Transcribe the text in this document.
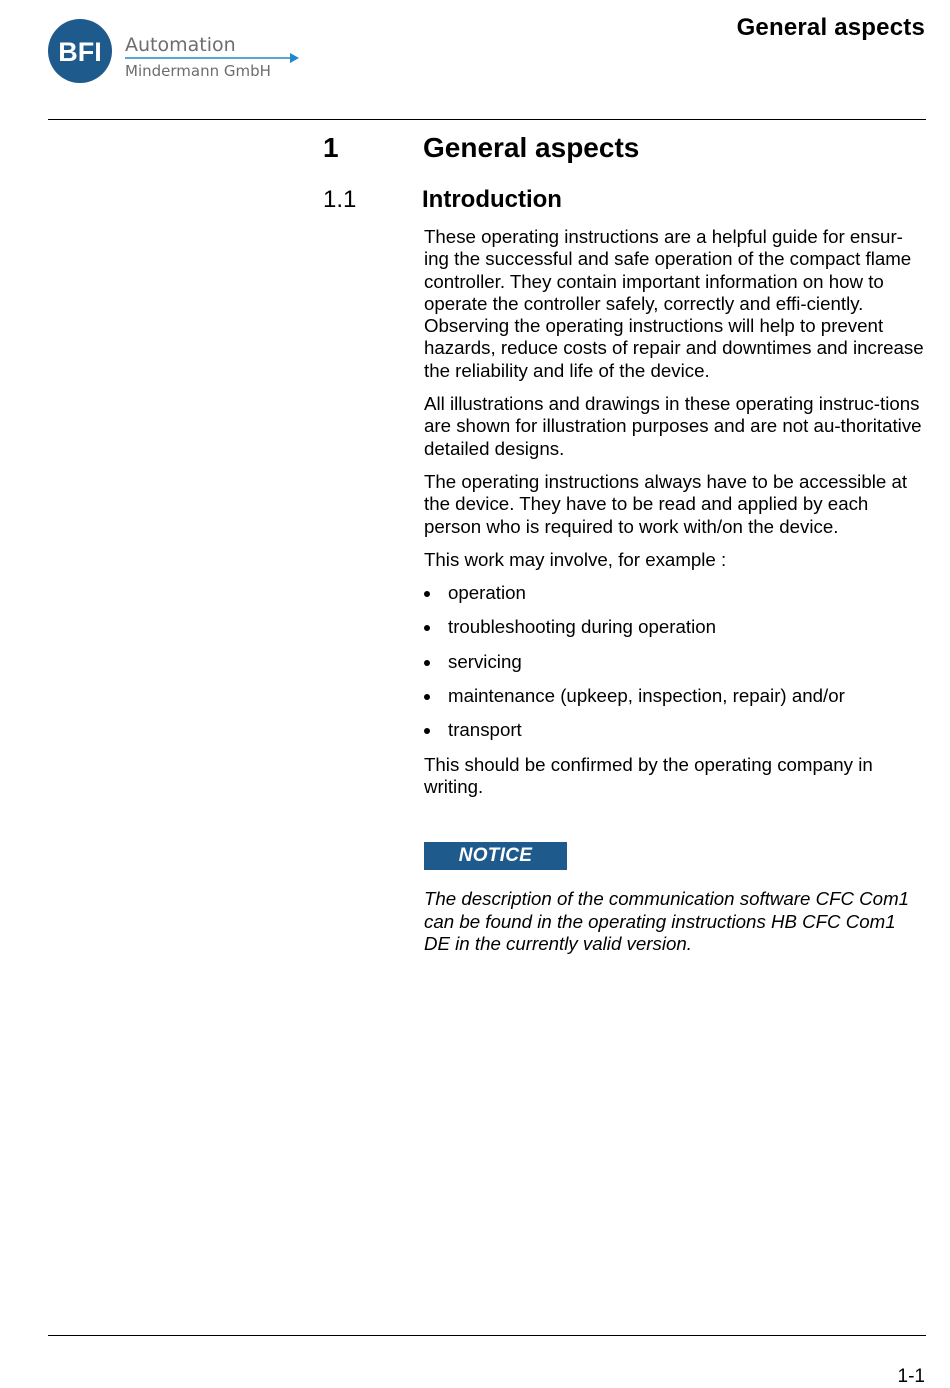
BFI Automation
Mindermann GmbH
General aspects
1	General aspects
1.1	Introduction

These operating instructions are a helpful guide for ensur-ing the successful and safe operation of the compact flame controller. They contain important information on how to operate the controller safely, correctly and effi-ciently. Observing the operating instructions will help to prevent hazards, reduce costs of repair and downtimes and increase the reliability and life of the device.

All illustrations and drawings in these operating instruc-tions are shown for illustration purposes and are not au-thoritative detailed designs.

The operating instructions always have to be accessible at the device. They have to be read and applied by each person who is required to work with/on the device.

This work may involve, for example :

operation
troubleshooting during operation
servicing
maintenance (upkeep, inspection, repair) and/or
transport

This should be confirmed by the operating company in writing.

NOTICE

The description of the communication software CFC Com1 can be found in the operating instructions HB CFC Com1 DE in the currently valid version.

1-1
